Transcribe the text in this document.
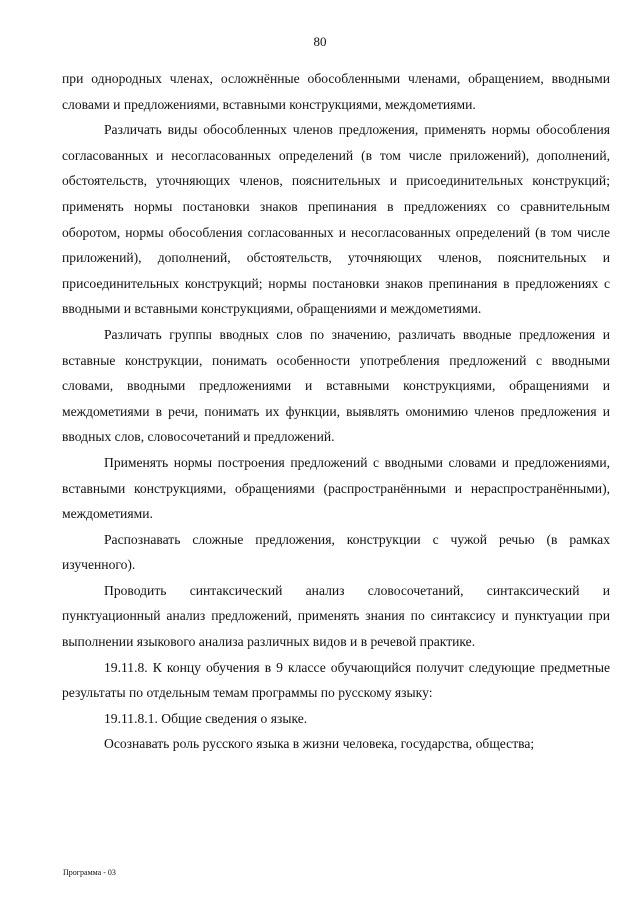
80

при однородных членах, осложнённые обособленными членами, обращением, вводными словами и предложениями, вставными конструкциями, междометиями.

Различать виды обособленных членов предложения, применять нормы обособления согласованных и несогласованных определений (в том числе приложений), дополнений, обстоятельств, уточняющих членов, пояснительных и присоединительных конструкций; применять нормы постановки знаков препинания в предложениях со сравнительным оборотом, нормы обособления согласованных и несогласованных определений (в том числе приложений), дополнений, обстоятельств, уточняющих членов, пояснительных и присоединительных конструкций; нормы постановки знаков препинания в предложениях с вводными и вставными конструкциями, обращениями и междометиями.

Различать группы вводных слов по значению, различать вводные предложения и вставные конструкции, понимать особенности употребления предложений с вводными словами, вводными предложениями и вставными конструкциями, обращениями и междометиями в речи, понимать их функции, выявлять омонимию членов предложения и вводных слов, словосочетаний и предложений.

Применять нормы построения предложений с вводными словами и предложениями, вставными конструкциями, обращениями (распространёнными и нераспространёнными), междометиями.

Распознавать сложные предложения, конструкции с чужой речью (в рамках изученного).

Проводить синтаксический анализ словосочетаний, синтаксический и пунктуационный анализ предложений, применять знания по синтаксису и пунктуации при выполнении языкового анализа различных видов и в речевой практике.

19.11.8. К концу обучения в 9 классе обучающийся получит следующие предметные результаты по отдельным темам программы по русскому языку:

19.11.8.1. Общие сведения о языке.

Осознавать роль русского языка в жизни человека, государства, общества;

Программа - 03
